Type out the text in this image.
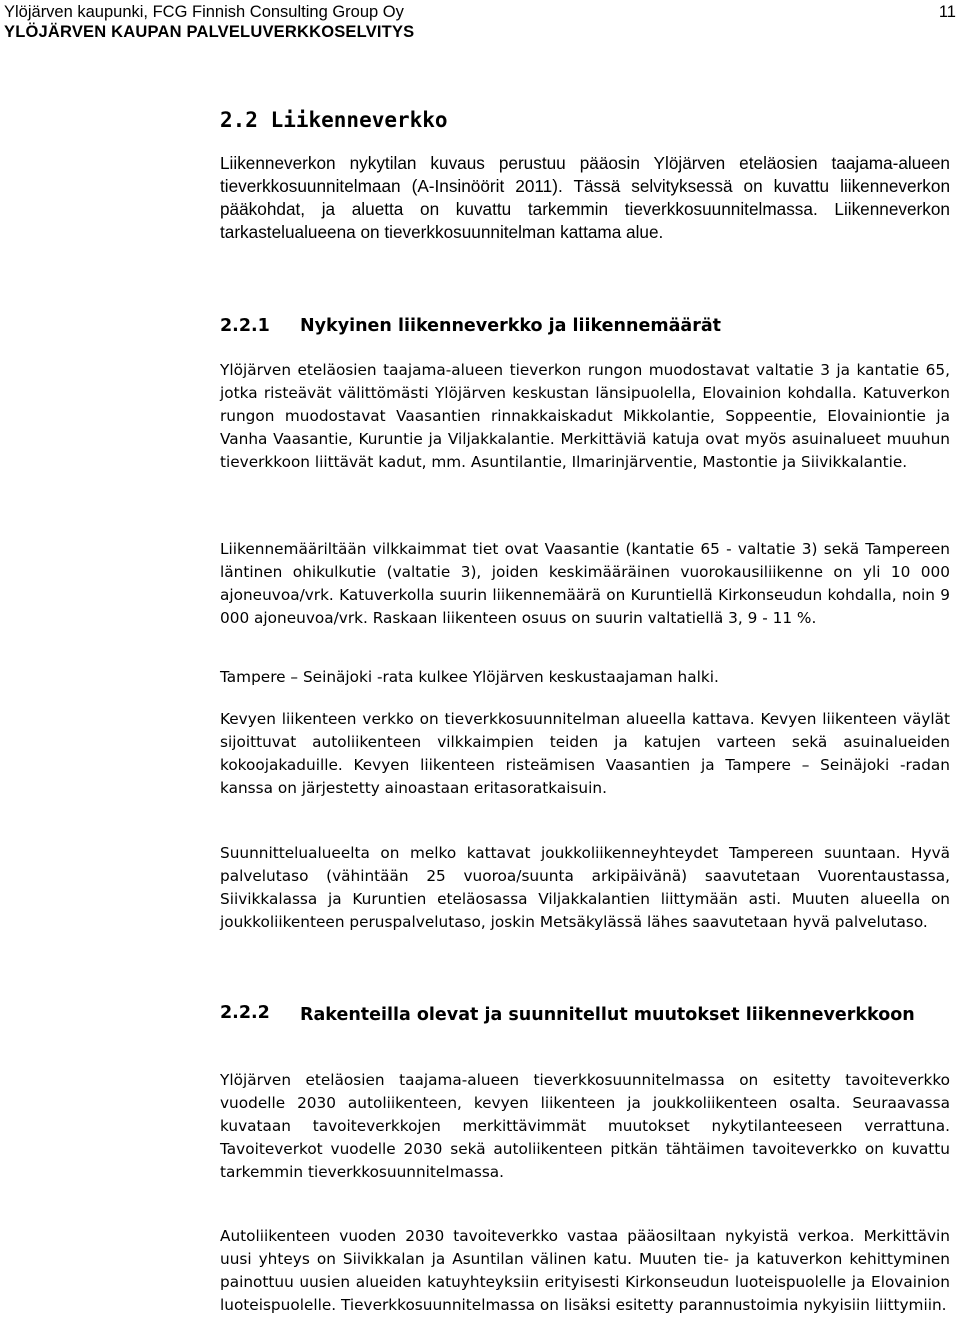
Ylöjärven kaupunki, FCG Finnish Consulting Group Oy
YLÖJÄRVEN KAUPAN PALVELUVERKKOSELVITYS
11
2.2 Liikenneverkko

Liikenneverkon nykytilan kuvaus perustuu pääosin Ylöjärven eteläosien taajama-alueen tieverkkosuunnitelmaan (A-Insinöörit 2011). Tässä selvityksessä on kuvattu liikenneverkon pääkohdat, ja aluetta on kuvattu tarkemmin tieverkkosuunnitelmassa. Liikenneverkon tarkastelualueena on tieverkkosuunnitelman kattama alue.

2.2.1	Nykyinen liikenneverkko ja liikennemäärät

Ylöjärven eteläosien taajama-alueen tieverkon rungon muodostavat valtatie 3 ja kantatie 65, jotka risteävät välittömästi Ylöjärven keskustan länsipuolella, Elovainion kohdalla. Katuverkon rungon muodostavat Vaasantien rinnakkaiskadut Mikkolantie, Soppeentie, Elovainiontie ja Vanha Vaasantie, Kuruntie ja Viljakkalantie. Merkittäviä katuja ovat myös asuinalueet muuhun tieverkkoon liittävät kadut, mm. Asuntilantie, Ilmarinjärventie, Mastontie ja Siivikkalantie.

Liikennemääriltään vilkkaimmat tiet ovat Vaasantie (kantatie 65 - valtatie 3) sekä Tampereen läntinen ohikulkutie (valtatie 3), joiden keskimääräinen vuorokausiliikenne on yli 10 000 ajoneuvoa/vrk. Katuverkolla suurin liikennemäärä on Kuruntiellä Kirkonseudun kohdalla, noin 9 000 ajoneuvoa/vrk. Raskaan liikenteen osuus on suurin valtatiellä 3, 9 - 11 %.

Tampere – Seinäjoki -rata kulkee Ylöjärven keskustaajaman halki.

Kevyen liikenteen verkko on tieverkkosuunnitelman alueella kattava. Kevyen liikenteen väylät sijoittuvat autoliikenteen vilkkaimpien teiden ja katujen varteen sekä asuinalueiden kokoojakaduille. Kevyen liikenteen risteämisen Vaasantien ja Tampere – Seinäjoki -radan kanssa on järjestetty ainoastaan eritasoratkaisuin.

Suunnittelualueelta on melko kattavat joukkoliikenneyhteydet Tampereen suuntaan. Hyvä palvelutaso (vähintään 25 vuoroa/suunta arkipäivänä) saavutetaan Vuorentaustassa, Siivikkalassa ja Kuruntien eteläosassa Viljakkalantien liittymään asti. Muuten alueella on joukkoliikenteen peruspalvelutaso, joskin Metsäkylässä lähes saavutetaan hyvä palvelutaso.

2.2.2	Rakenteilla olevat ja suunnitellut muutokset liikenneverkkoon

Ylöjärven eteläosien taajama-alueen tieverkkosuunnitelmassa on esitetty tavoiteverkko vuodelle 2030 autoliikenteen, kevyen liikenteen ja joukkoliikenteen osalta. Seuraavassa kuvataan tavoiteverkkojen merkittävimmät muutokset nykytilanteeseen verrattuna. Tavoiteverkot vuodelle 2030 sekä autoliikenteen pitkän tähtäimen tavoiteverkko on kuvattu tarkemmin tieverkkosuunnitelmassa.

Autoliikenteen vuoden 2030 tavoiteverkko vastaa pääosiltaan nykyistä verkoa. Merkittävin uusi yhteys on Siivikkalan ja Asuntilan välinen katu. Muuten tie- ja katuverkon kehittyminen painottuu uusien alueiden katuyhteyksiin erityisesti Kirkonseudun luoteispuolelle ja Elovainion luoteispuolelle. Tieverkkosuunnitelmassa on lisäksi esitetty parannustoimia nykyisiin liittymiin.
